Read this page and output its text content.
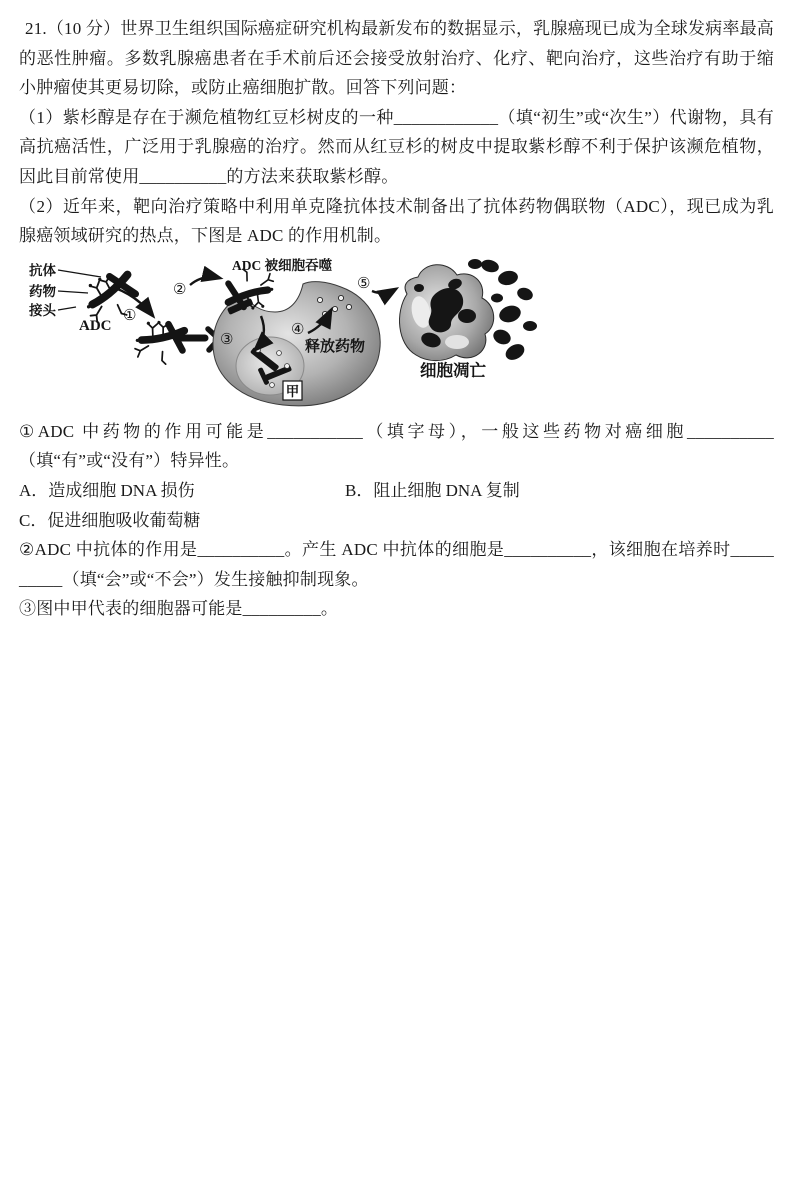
21.（10 分）世界卫生组织国际癌症研究机构最新发布的数据显示，乳腺癌现已成为全球发病率最高的恶性肿瘤。多数乳腺癌患者在手术前后还会接受放射治疗、化疗、靶向治疗，这些治疗有助于缩小肿瘤使其更易切除，或防止癌细胞扩散。回答下列问题：

（1）紫杉醇是存在于濒危植物红豆杉树皮的一种____________（填“初生”或“次生”）代谢物，具有高抗癌活性，广泛用于乳腺癌的治疗。然而从红豆杉的树皮中提取紫杉醇不利于保护该濒危植物，因此目前常使用__________的方法来获取紫杉醇。

（2）近年来，靶向治疗策略中利用单克隆抗体技术制备出了抗体药物偶联物（ADC），现已成为乳腺癌领域研究的热点，下图是 ADC 的作用机制。

抗体
药物
接头
ADC
①
②
ADC 被细胞吞噬
③
④
释放药物
甲
⑤
细胞凋亡

①ADC 中药物的作用可能是___________（填字母），一般这些药物对癌细胞__________（填“有”或“没有”）特异性。

A．造成细胞 DNA 损伤	B．阻止细胞 DNA 复制
C．促进细胞吸收葡萄糖

②ADC 中抗体的作用是__________。产生 ADC 中抗体的细胞是__________，该细胞在培养时__________（填“会”或“不会”）发生接触抑制现象。

③图中甲代表的细胞器可能是_________。
